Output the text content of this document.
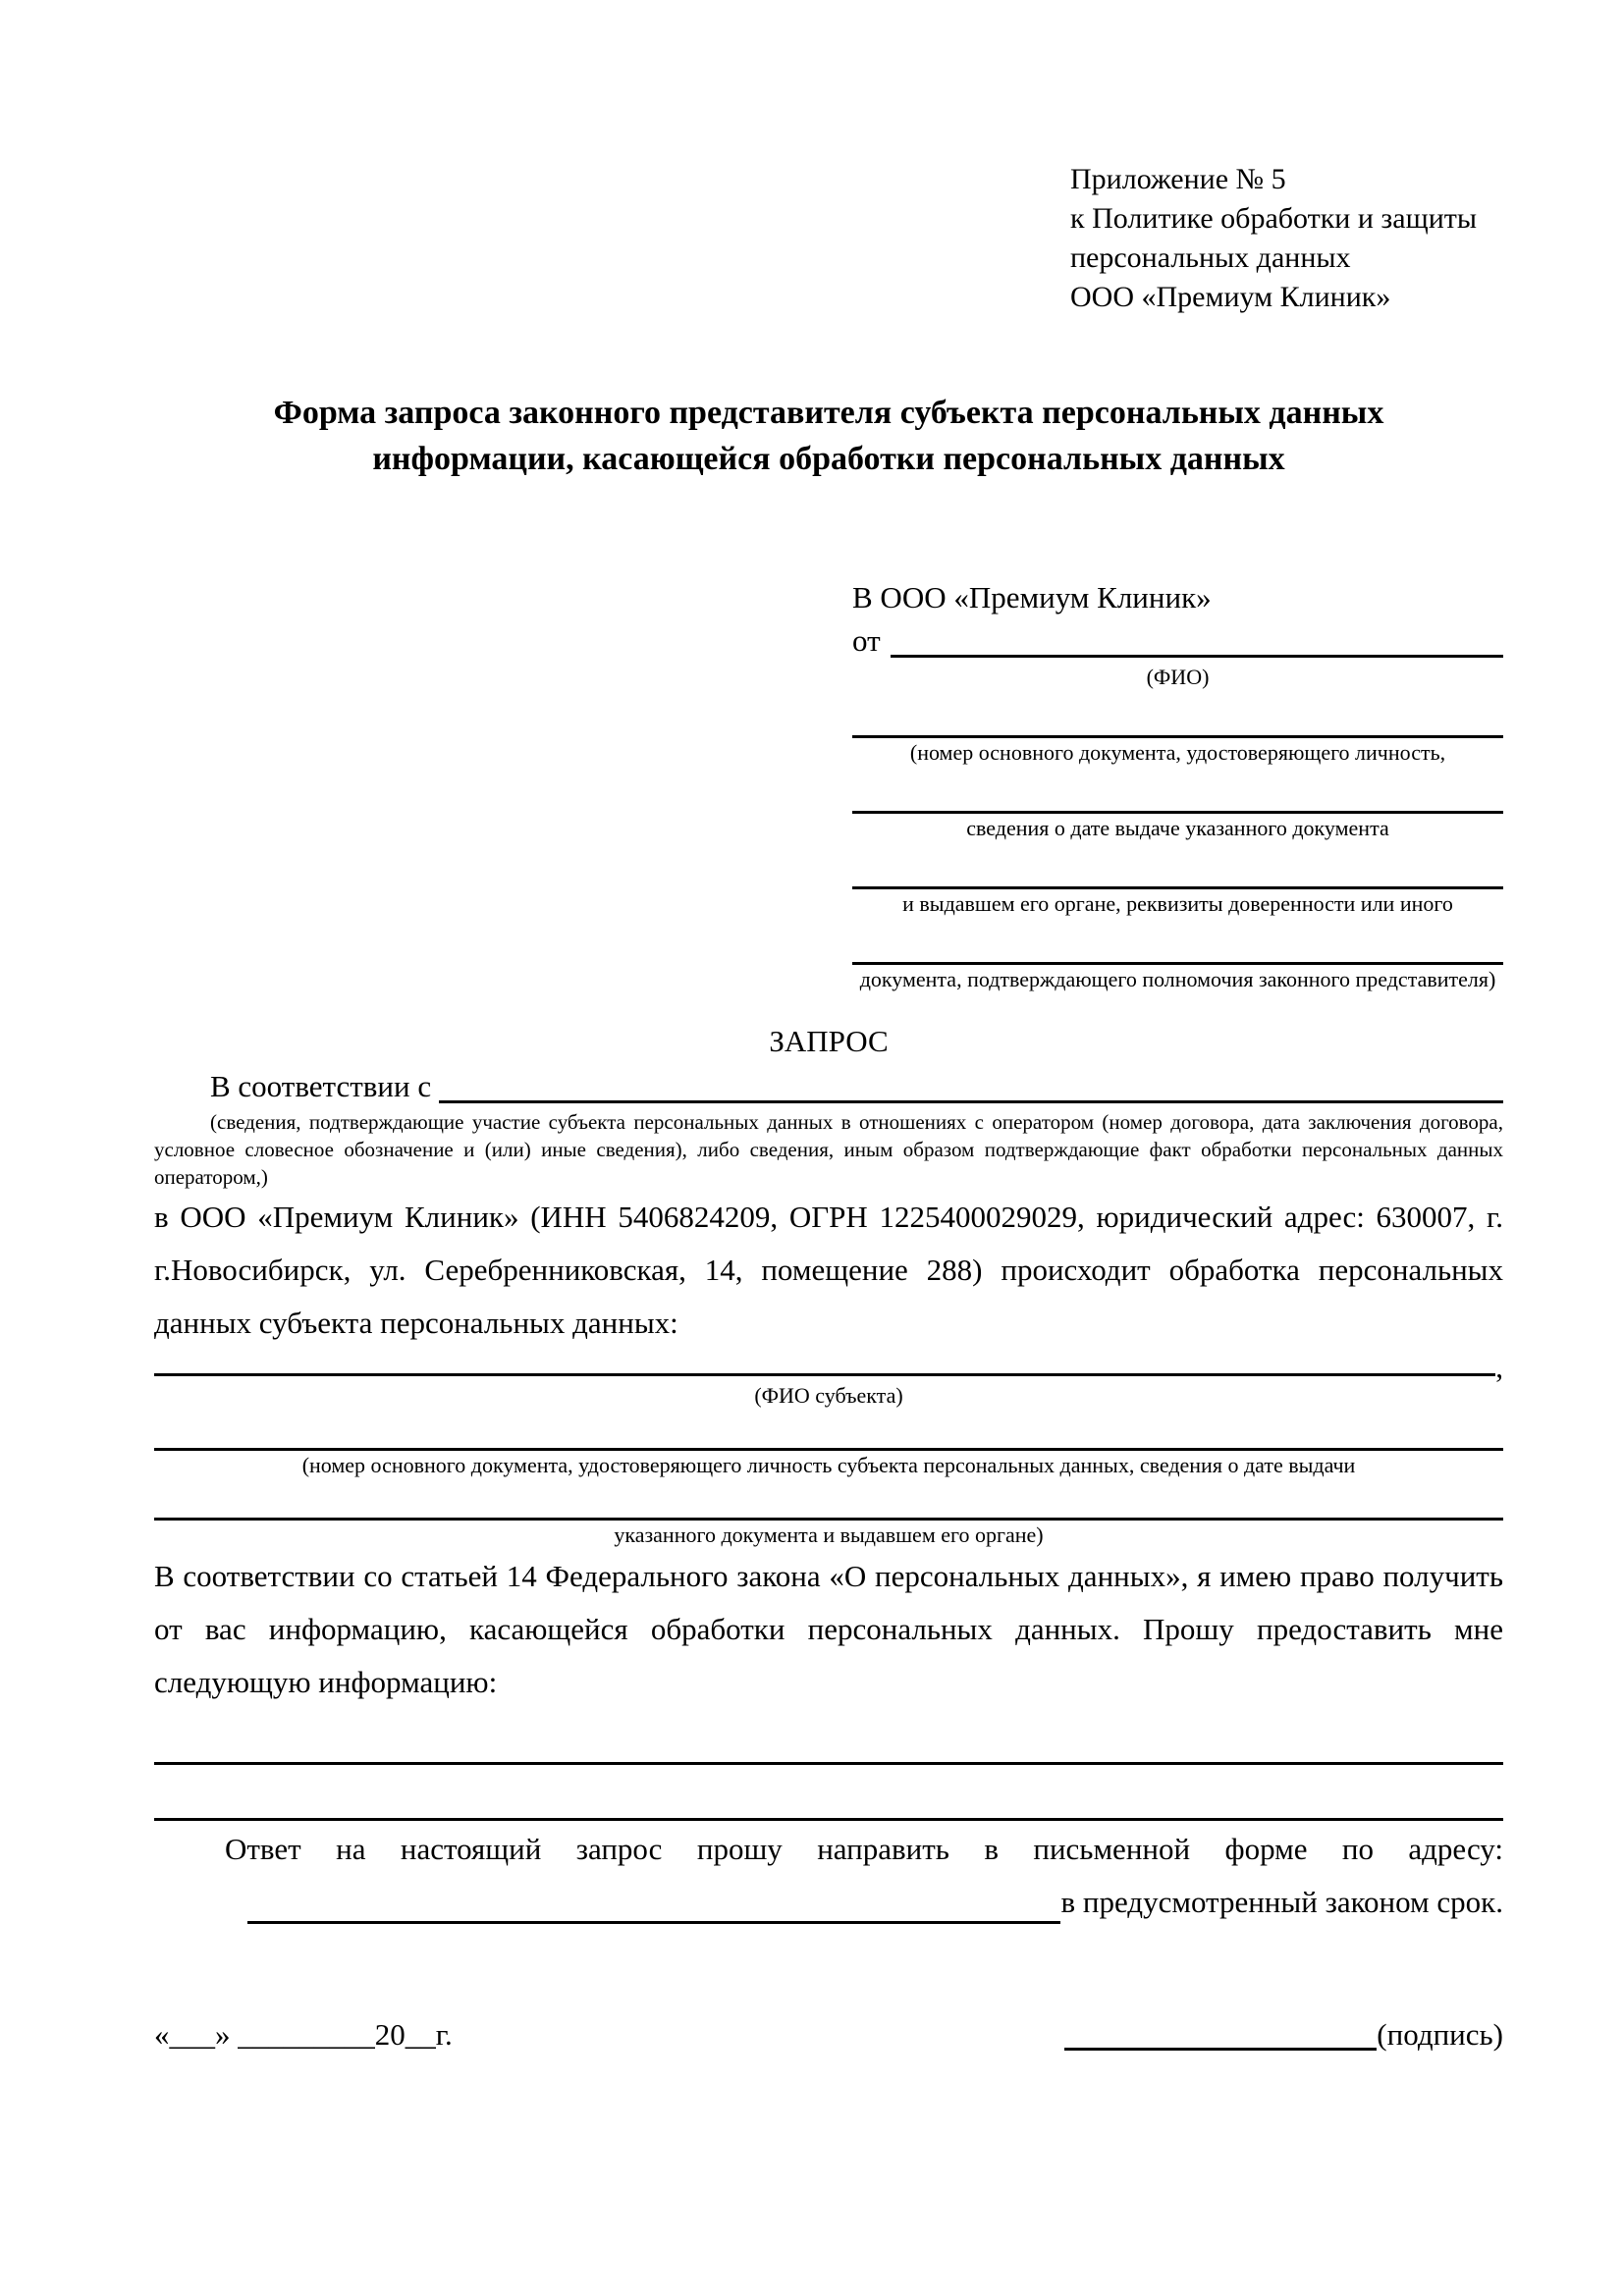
Приложение № 5
к Политике обработки и защиты
персональных данных
ООО «Премиум Клиник»
Форма запроса законного представителя субъекта персональных данных
информации, касающейся обработки персональных данных
В ООО «Премиум Клиник»
от
(ФИО)
(номер основного документа, удостоверяющего личность,
сведения о дате выдаче указанного документа
и выдавшем его органе, реквизиты доверенности или иного
документа, подтверждающего полномочия законного представителя)
ЗАПРОС
В соответствии с
(сведения, подтверждающие участие субъекта персональных данных в отношениях с оператором (номер договора, дата заключения договора, условное словесное обозначение и (или) иные сведения), либо сведения, иным образом подтверждающие факт обработки персональных данных оператором,)

в ООО «Премиум Клиник» (ИНН 5406824209, ОГРН 1225400029029, юридический адрес: 630007, г. г.Новосибирск, ул. Серебренниковская, 14, помещение 288) происходит обработка персональных данных субъекта персональных данных:

,
(ФИО субъекта)
(номер основного документа, удостоверяющего личность субъекта персональных данных, сведения о дате выдачи
указанного документа и выдавшем его органе)

В соответствии со статьей 14 Федерального закона «О персональных данных», я имею право получить от вас информацию, касающейся обработки персональных данных. Прошу предоставить мне следующую информацию:

Ответ на настоящий запрос прошу направить в письменной форме по адресу:

в предусмотренный законом срок.
«___» _________20__г.	(подпись)
